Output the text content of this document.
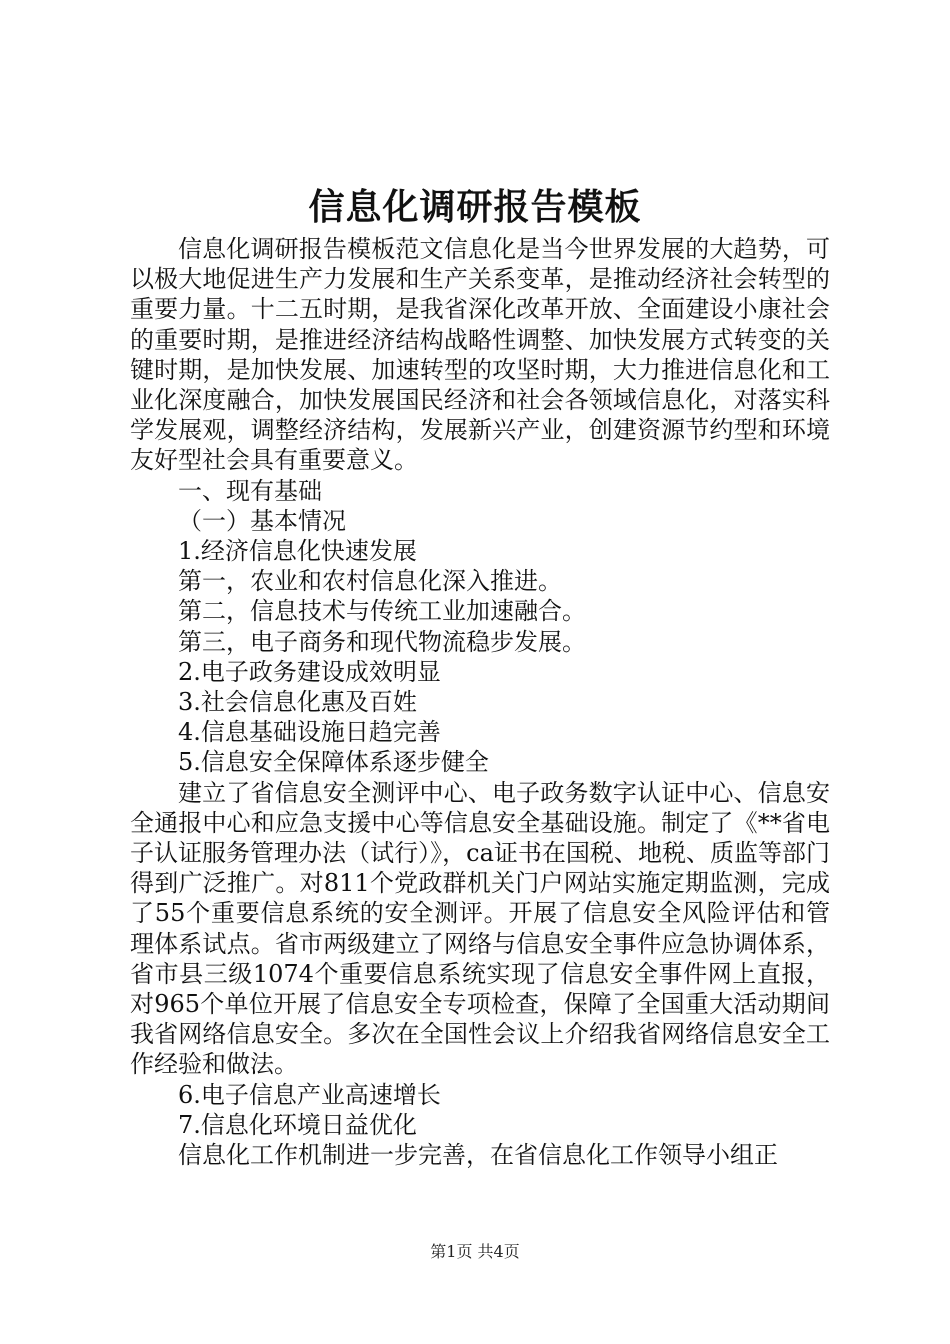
信息化调研报告模板

信息化调研报告模板范文信息化是当今世界发展的大趋势，可以极大地促进生产力发展和生产关系变革，是推动经济社会转型的重要力量。十二五时期，是我省深化改革开放、全面建设小康社会的重要时期，是推进经济结构战略性调整、加快发展方式转变的关键时期，是加快发展、加速转型的攻坚时期，大力推进信息化和工业化深度融合，加快发展国民经济和社会各领域信息化，对落实科学发展观，调整经济结构，发展新兴产业，创建资源节约型和环境友好型社会具有重要意义。

一、现有基础

（一）基本情况

1.经济信息化快速发展

第一，农业和农村信息化深入推进。

第二，信息技术与传统工业加速融合。

第三，电子商务和现代物流稳步发展。

2.电子政务建设成效明显

3.社会信息化惠及百姓

4.信息基础设施日趋完善

5.信息安全保障体系逐步健全

建立了省信息安全测评中心、电子政务数字认证中心、信息安全通报中心和应急支援中心等信息安全基础设施。制定了《**省电子认证服务管理办法（试行）》，ca证书在国税、地税、质监等部门得到广泛推广。对811个党政群机关门户网站实施定期监测，完成了55个重要信息系统的安全测评。开展了信息安全风险评估和管理体系试点。省市两级建立了网络与信息安全事件应急协调体系，省市县三级1074个重要信息系统实现了信息安全事件网上直报，对965个单位开展了信息安全专项检查，保障了全国重大活动期间我省网络信息安全。多次在全国性会议上介绍我省网络信息安全工作经验和做法。

6.电子信息产业高速增长

7.信息化环境日益优化

信息化工作机制进一步完善，在省信息化工作领导小组正

第1页 共4页
